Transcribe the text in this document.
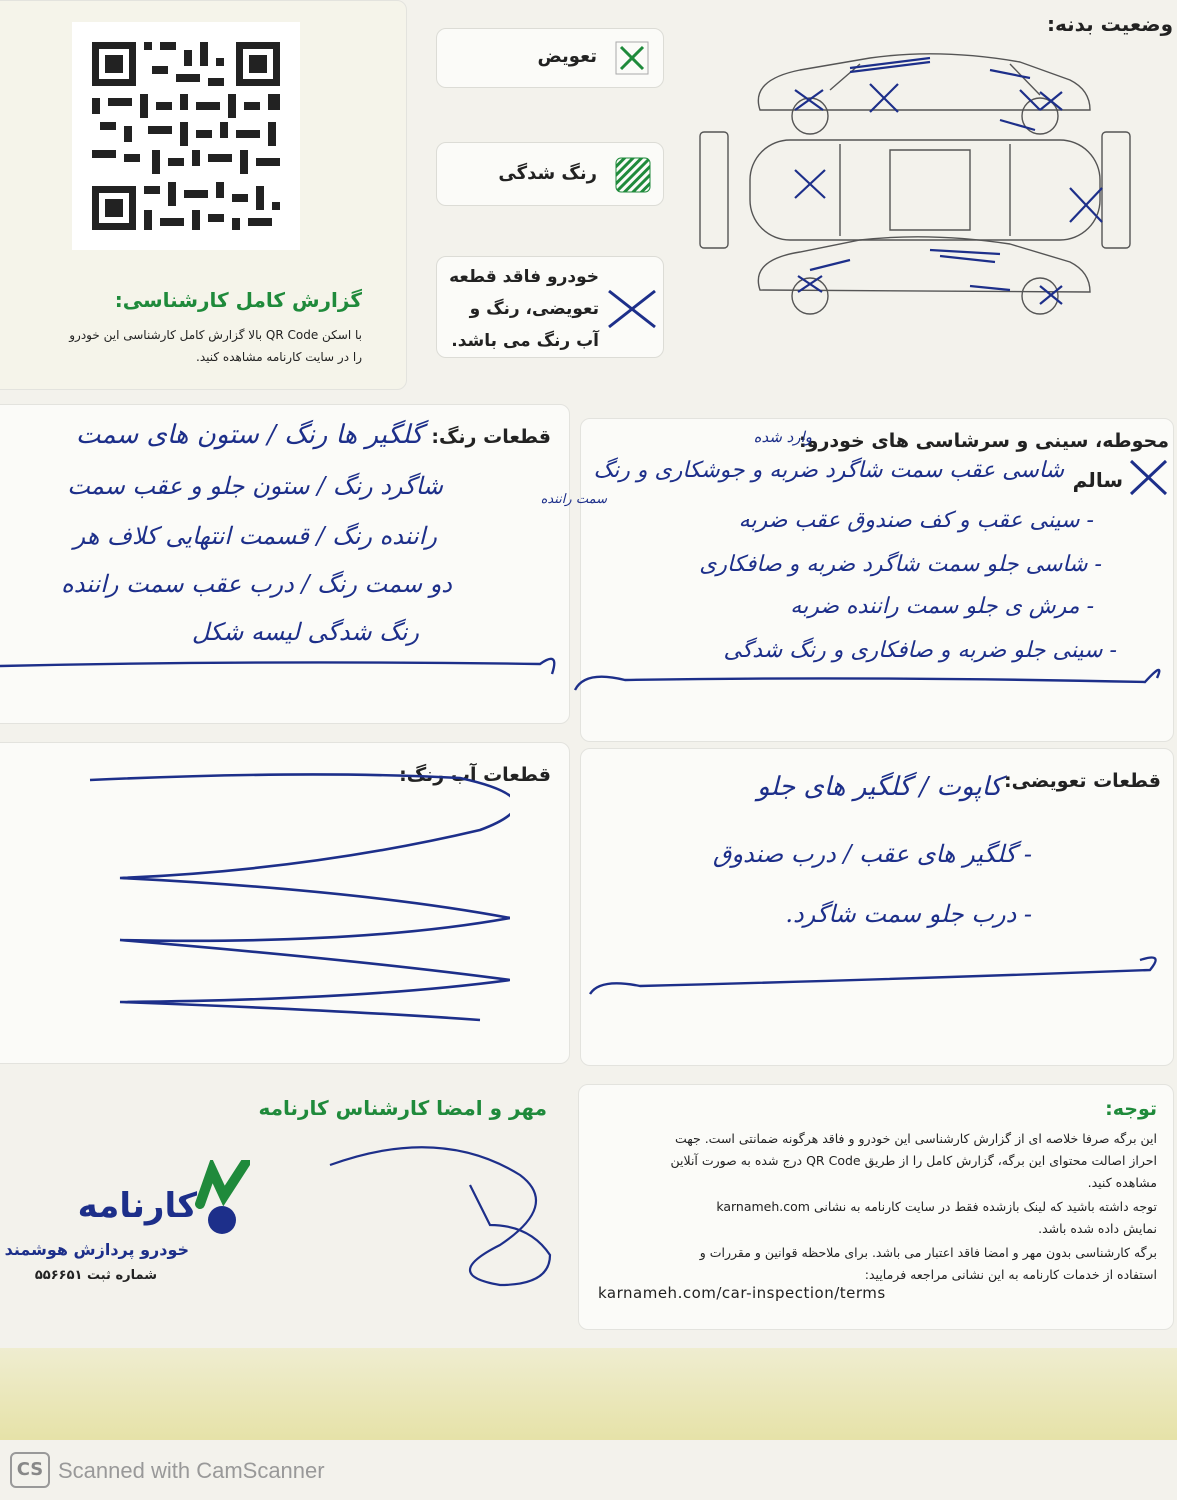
گزارش کامل کارشناسی:
با اسکن QR Code بالا گزارش کامل کارشناسی این خودرو
را در سایت کارنامه مشاهده کنید.
تعویض
رنگ شدگی
خودرو فاقد قطعه
تعویضی، رنگ و
آب رنگ می باشد.
وضعیت بدنه:
قطعات رنگ:
گلگیر ها رنگ / ستون های سمت
شاگرد رنگ / ستون جلو و عقب سمت
راننده رنگ / قسمت انتهایی کلاف هر
دو سمت رنگ / درب عقب سمت راننده
رنگ شدگی لیسه شکل
محوطه، سینی و سرشاسی های خودرو:
وارد شده
سالم
شاسی عقب سمت شاگرد ضربه و جوشکاری و رنگ
سمت راننده
- سینی عقب و کف صندوق عقب ضربه
- شاسی جلو سمت شاگرد ضربه و صافکاری
- مرش ی جلو سمت راننده ضربه
- سینی جلو ضربه و صافکاری و رنگ شدگی
قطعات آب رنگ:	قطعات تعویضی:
کاپوت / گلگیر های جلو
- گلگیر های عقب / درب صندوق
- درب جلو سمت شاگرد.
مهر و امضا کارشناس کارنامه
کارنامه
خودرو پردازش هوشمند
شماره ثبت ۵۵۶۶۵۱
توجه:
این برگه صرفا خلاصه ای از گزارش کارشناسی این خودرو و فاقد هرگونه ضمانتی است. جهت
احراز اصالت محتوای این برگه، گزارش کامل را از طریق QR Code درج شده به صورت آنلاین
مشاهده کنید.
توجه داشته باشید که لینک بازشده فقط در سایت کارنامه به نشانی karnameh.com
نمایش داده شده باشد.
برگه کارشناسی بدون مهر و امضا فاقد اعتبار می باشد. برای ملاحظه قوانین و مقررات و
استفاده از خدمات کارنامه به این نشانی مراجعه فرمایید:
karnameh.com/car-inspection/terms
CS Scanned with CamScanner
